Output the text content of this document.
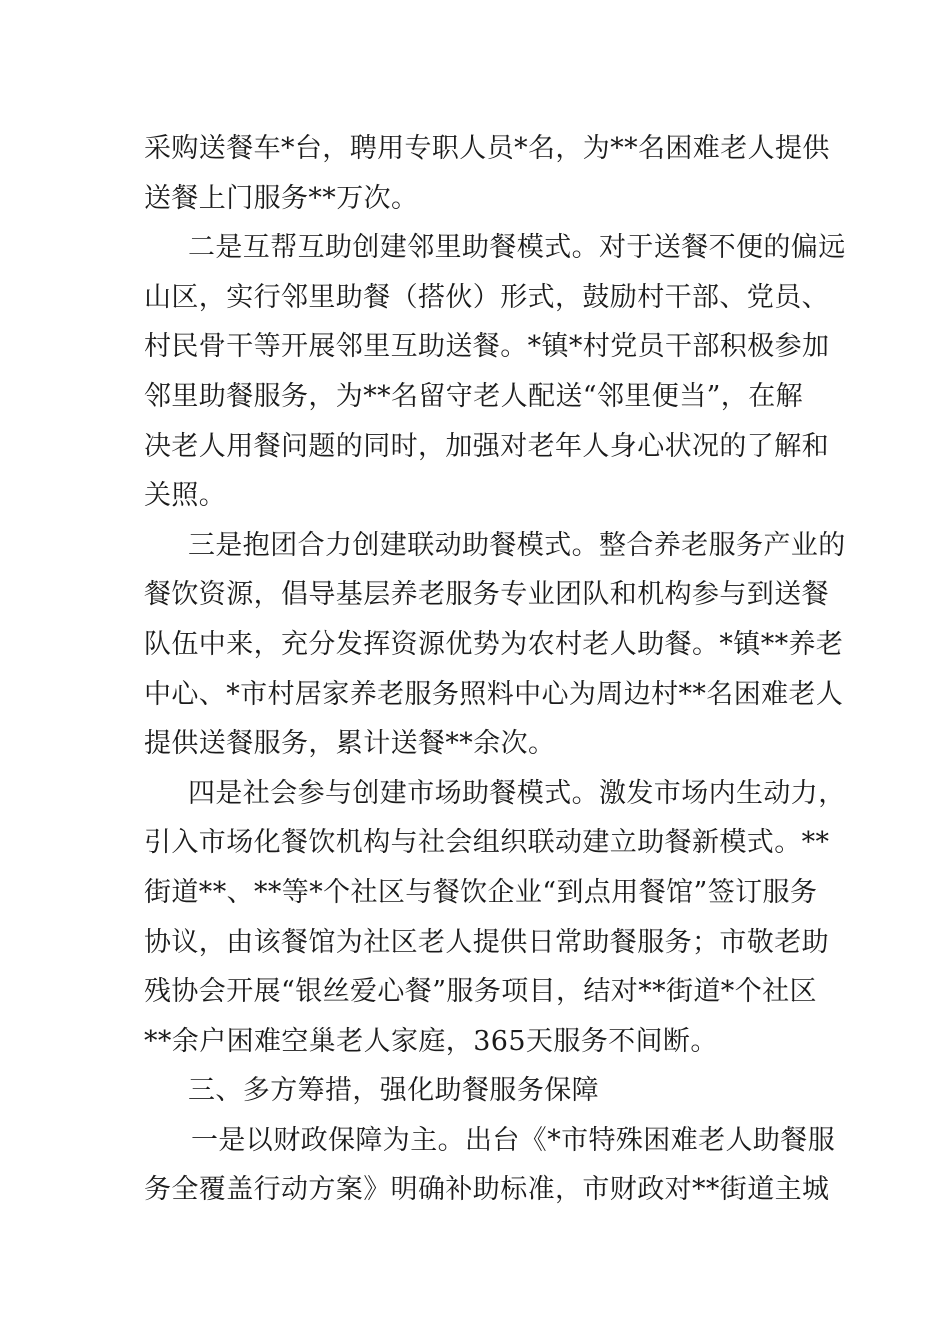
采购送餐车*台，聘用专职人员*名，为**名困难老人提供
送餐上门服务**万次。
二是互帮互助创建邻里助餐模式。对于送餐不便的偏远
山区，实行邻里助餐（搭伙）形式，鼓励村干部、党员、
村民骨干等开展邻里互助送餐。*镇*村党员干部积极参加
邻里助餐服务，为**名留守老人配送“邻里便当”，在解
决老人用餐问题的同时，加强对老年人身心状况的了解和
关照。
三是抱团合力创建联动助餐模式。整合养老服务产业的
餐饮资源，倡导基层养老服务专业团队和机构参与到送餐
队伍中来，充分发挥资源优势为农村老人助餐。*镇**养老
中心、*市村居家养老服务照料中心为周边村**名困难老人
提供送餐服务，累计送餐**余次。
四是社会参与创建市场助餐模式。激发市场内生动力，
引入市场化餐饮机构与社会组织联动建立助餐新模式。**
街道**、**等*个社区与餐饮企业“到点用餐馆”签订服务
协议，由该餐馆为社区老人提供日常助餐服务；市敬老助
残协会开展“银丝爱心餐”服务项目，结对**街道*个社区
**余户困难空巢老人家庭，365天服务不间断。
三、多方筹措，强化助餐服务保障
一是以财政保障为主。出台《*市特殊困难老人助餐服
务全覆盖行动方案》明确补助标准，市财政对**街道主城
